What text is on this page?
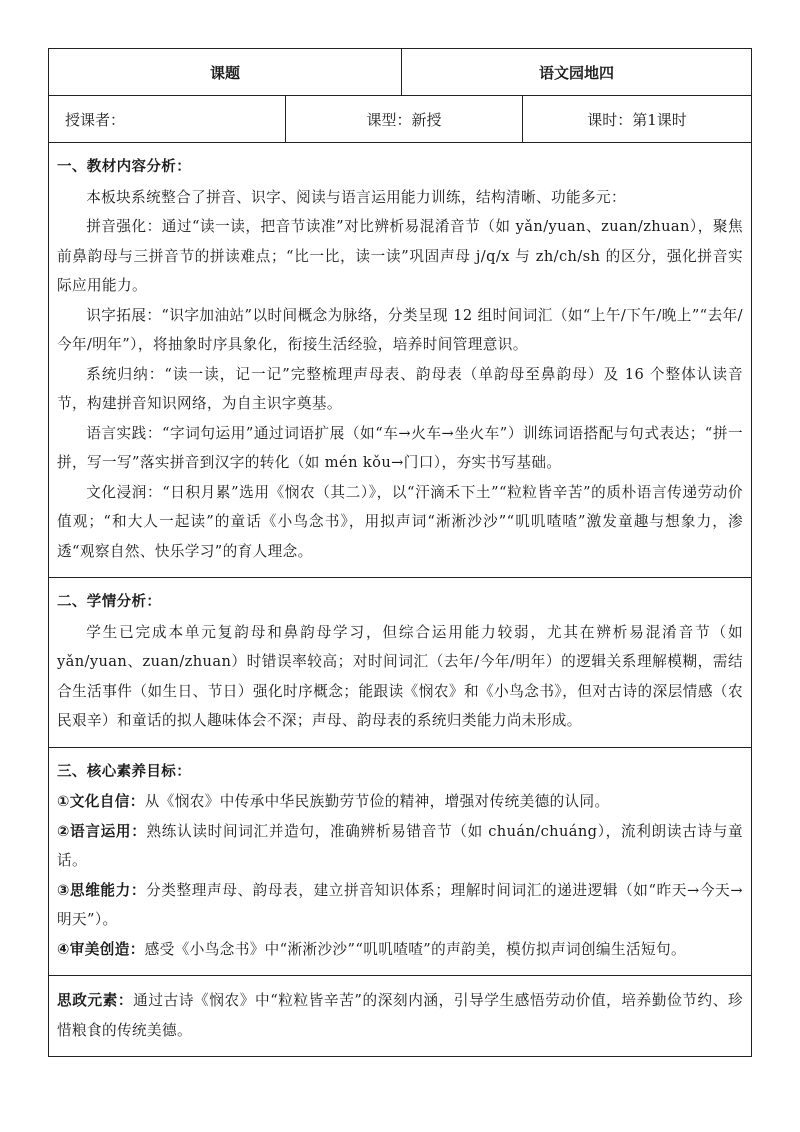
课题	语文园地四
授课者：	课型：新授	课时：第1课时
一、教材内容分析：

本板块系统整合了拼音、识字、阅读与语言运用能力训练，结构清晰、功能多元：

拼音强化：通过“读一读，把音节读准”对比辨析易混淆音节（如 yǎn/yuan、zuan/zhuan），聚焦前鼻韵母与三拼音节的拼读难点；“比一比，读一读”巩固声母 j/q/x 与 zh/ch/sh 的区分，强化拼音实际应用能力。

识字拓展：“识字加油站”以时间概念为脉络，分类呈现 12 组时间词汇（如“上午/下午/晚上”“去年/今年/明年”），将抽象时序具象化，衔接生活经验，培养时间管理意识。

系统归纳：“读一读，记一记”完整梳理声母表、韵母表（单韵母至鼻韵母）及 16 个整体认读音节，构建拼音知识网络，为自主识字奠基。

语言实践：“字词句运用”通过词语扩展（如“车→火车→坐火车”）训练词语搭配与句式表达；“拼一拼，写一写”落实拼音到汉字的转化（如 mén kǒu→门口），夯实书写基础。

文化浸润：“日积月累”选用《悯农（其二）》，以“汗滴禾下土”“粒粒皆辛苦”的质朴语言传递劳动价值观；“和大人一起读”的童话《小鸟念书》，用拟声词“淅淅沙沙”“叽叽喳喳”激发童趣与想象力，渗透“观察自然、快乐学习”的育人理念。

二、学情分析：

学生已完成本单元复韵母和鼻韵母学习，但综合运用能力较弱，尤其在辨析易混淆音节（如 yǎn/yuan、zuan/zhuan）时错误率较高；对时间词汇（去年/今年/明年）的逻辑关系理解模糊，需结合生活事件（如生日、节日）强化时序概念；能跟读《悯农》和《小鸟念书》，但对古诗的深层情感（农民艰辛）和童话的拟人趣味体会不深；声母、韵母表的系统归类能力尚未形成。

三、核心素养目标：

①文化自信：从《悯农》中传承中华民族勤劳节俭的精神，增强对传统美德的认同。

②语言运用：熟练认读时间词汇并造句，准确辨析易错音节（如 chuán/chuáng），流利朗读古诗与童话。

③思维能力：分类整理声母、韵母表，建立拼音知识体系；理解时间词汇的递进逻辑（如“昨天→今天→明天”）。

④审美创造：感受《小鸟念书》中“淅淅沙沙”“叽叽喳喳”的声韵美，模仿拟声词创编生活短句。

思政元素：通过古诗《悯农》中“粒粒皆辛苦”的深刻内涵，引导学生感悟劳动价值，培养勤俭节约、珍惜粮食的传统美德。
